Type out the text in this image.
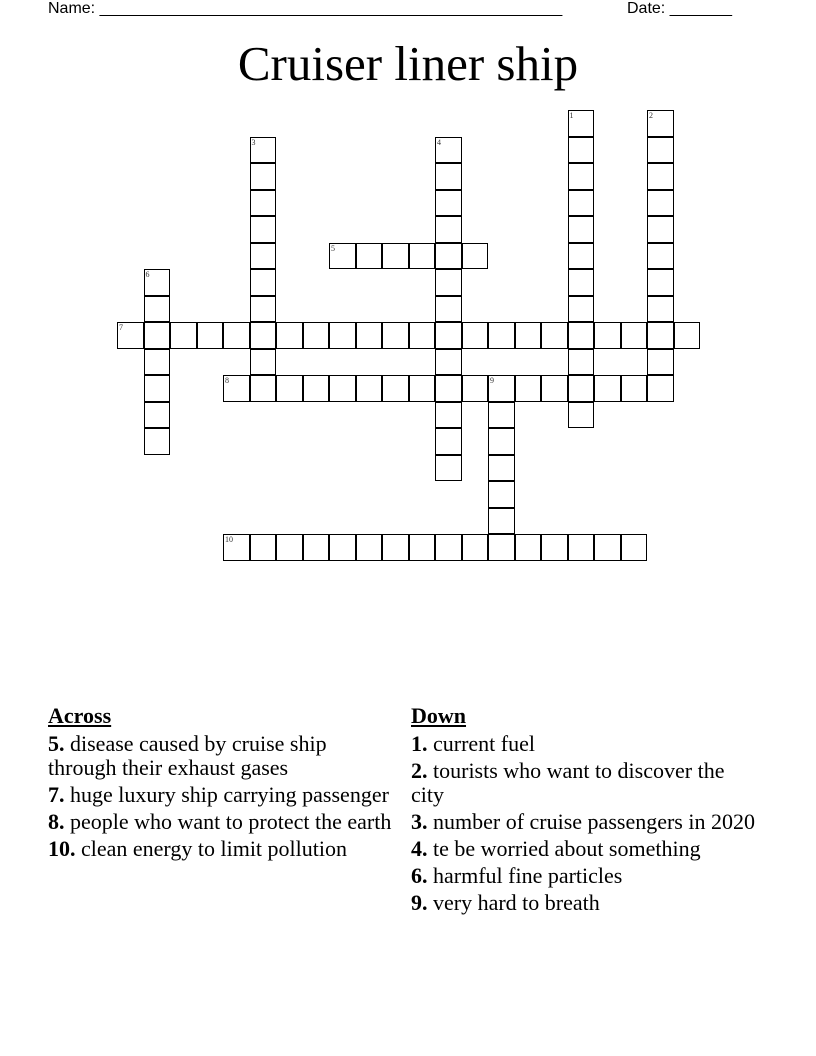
Name: ____________________________________________________	Date: _______
Cruiser liner ship
1	2
3	4
5
6
7
8	9
10
Across
5. disease caused by cruise ship through their exhaust gases
7. huge luxury ship carrying passenger
8. people who want to protect the earth
10. clean energy to limit pollution
Down
1. current fuel
2. tourists who want to discover the city
3. number of cruise passengers in 2020
4. te be worried about something
6. harmful fine particles
9. very hard to breath
